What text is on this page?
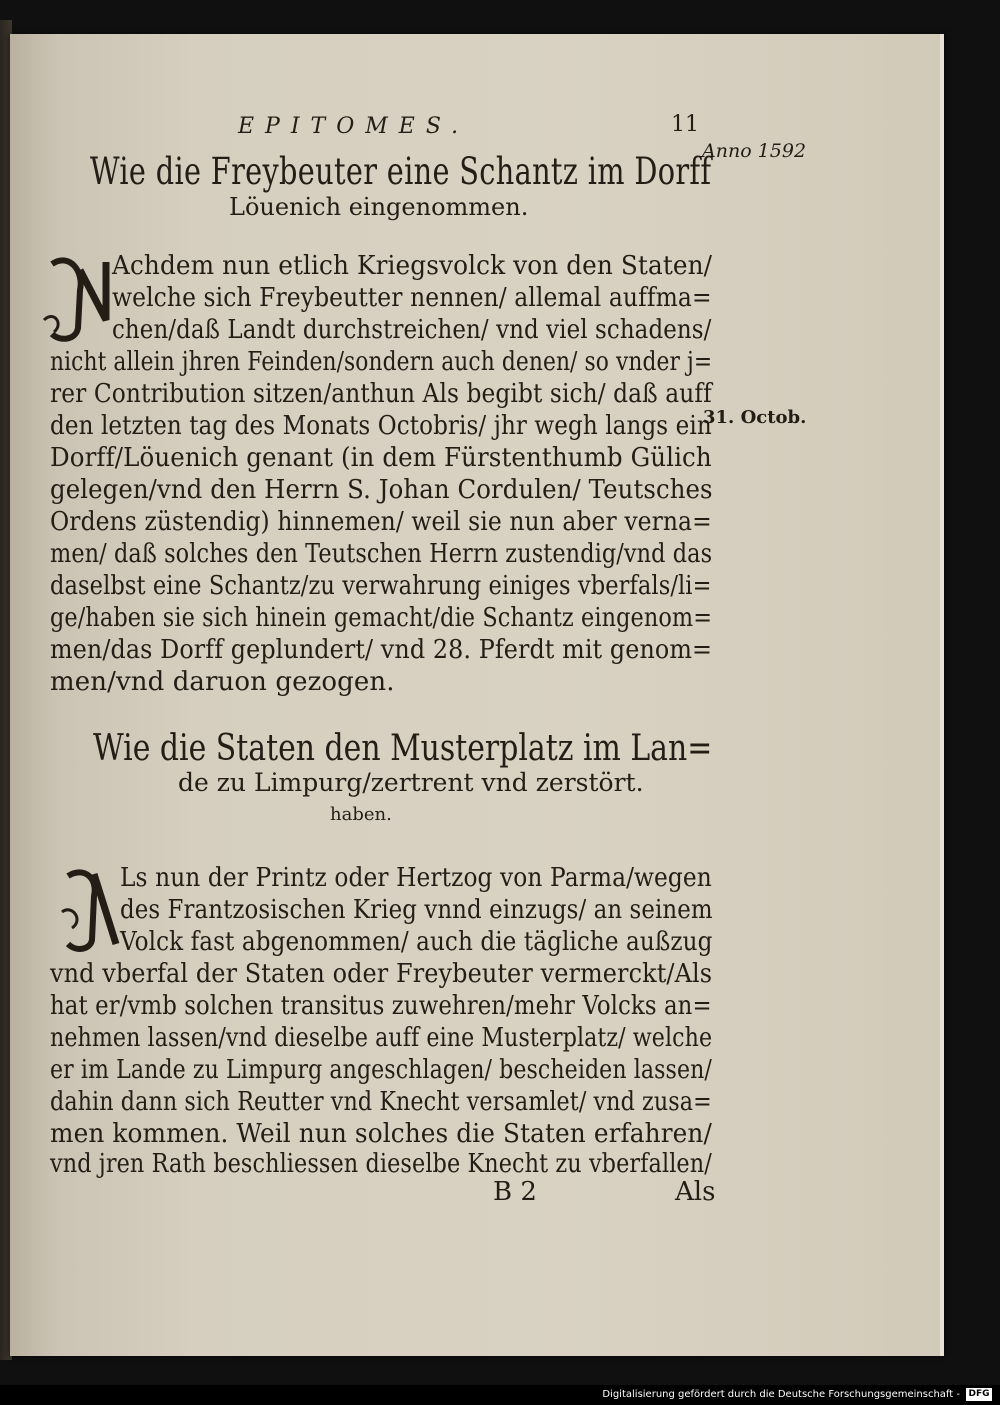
EPITOMES.	11
Anno 1592
31. Octob.
Wie die Freybeuter eine Schantz im Dorff
Löuenich eingenommen.
Achdem nun etlich Kriegsvolck von den Staten/
welche sich Freybeutter nennen/ allemal auffma=
chen/daß Landt durchstreichen/ vnd viel schadens/
nicht allein jhren Feinden/sondern auch denen/ so vnder j=
rer Contribution sitzen/anthun Als begibt sich/ daß auff
den letzten tag des Monats Octobris/ jhr wegh langs ein
Dorff/Löuenich genant (in dem Fürstenthumb Gülich
gelegen/vnd den Herrn S. Johan Cordulen/ Teutsches
Ordens züstendig) hinnemen/ weil sie nun aber verna=
men/ daß solches den Teutschen Herrn zustendig/vnd das
daselbst eine Schantz/zu verwahrung einiges vberfals/li=
ge/haben sie sich hinein gemacht/die Schantz eingenom=
men/das Dorff geplundert/ vnd 28. Pferdt mit genom=
men/vnd daruon gezogen.
Wie die Staten den Musterplatz im Lan=
de zu Limpurg/zertrent vnd zerstört.
haben.
Ls nun der Printz oder Hertzog von Parma/wegen
des Frantzosischen Krieg vnnd einzugs/ an seinem
Volck fast abgenommen/ auch die tägliche außzug
vnd vberfal der Staten oder Freybeuter vermerckt/Als
hat er/vmb solchen transitus zuwehren/mehr Volcks an=
nehmen lassen/vnd dieselbe auff eine Musterplatz/ welche
er im Lande zu Limpurg angeschlagen/ bescheiden lassen/
dahin dann sich Reutter vnd Knecht versamlet/ vnd zusa=
men kommen. Weil nun solches die Staten erfahren/
vnd jren Rath beschliessen dieselbe Knecht zu vberfallen/
B 2	Als
Digitalisierung gefördert durch die Deutsche Forschungsgemeinschaft - DFG
